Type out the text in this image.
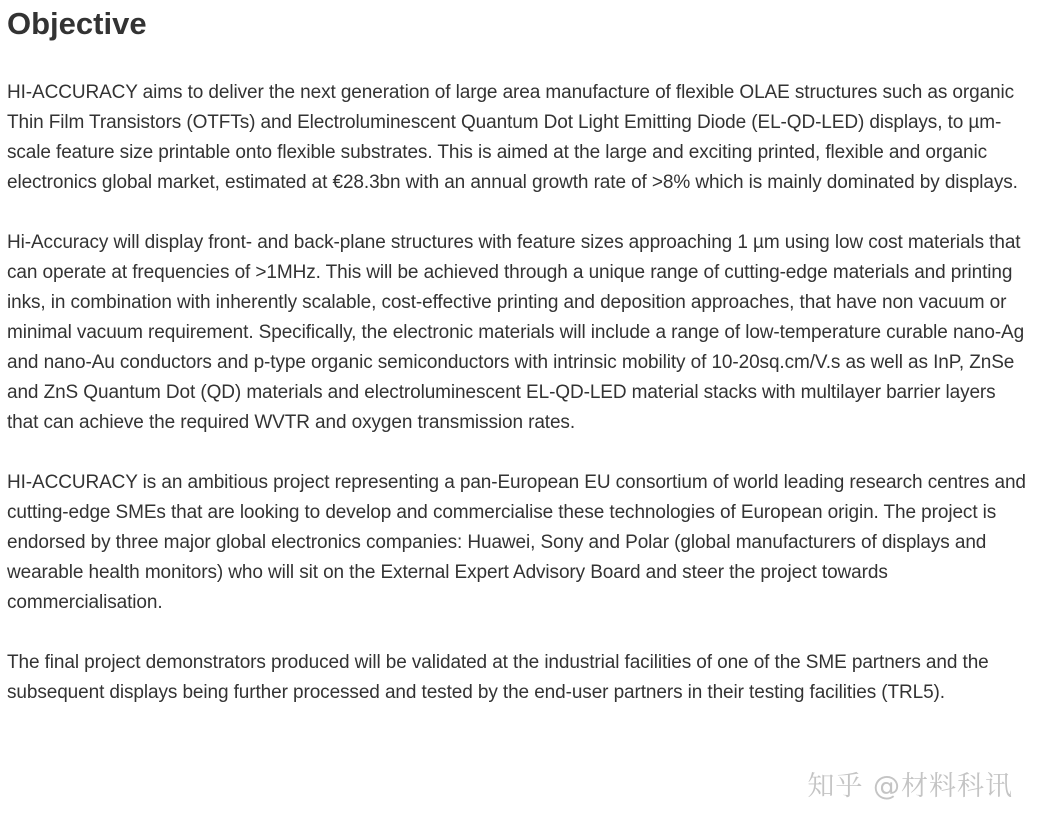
Objective

HI-ACCURACY aims to deliver the next generation of large area manufacture of flexible OLAE structures such as organic Thin Film Transistors (OTFTs) and Electroluminescent Quantum Dot Light Emitting Diode (EL-QD-LED) displays, to µm-scale feature size printable onto flexible substrates. This is aimed at the large and exciting printed, flexible and organic electronics global market, estimated at €28.3bn with an annual growth rate of >8% which is mainly dominated by displays.

Hi-Accuracy will display front- and back-plane structures with feature sizes approaching 1 µm using low cost materials that can operate at frequencies of >1MHz. This will be achieved through a unique range of cutting-edge materials and printing inks, in combination with inherently scalable, cost-effective printing and deposition approaches, that have non vacuum or minimal vacuum requirement. Specifically, the electronic materials will include a range of low-temperature curable nano-Ag and nano-Au conductors and p-type organic semiconductors with intrinsic mobility of 10-20sq.cm/V.s as well as InP, ZnSe and ZnS Quantum Dot (QD) materials and electroluminescent EL-QD-LED material stacks with multilayer barrier layers that can achieve the required WVTR and oxygen transmission rates.

HI-ACCURACY is an ambitious project representing a pan-European EU consortium of world leading research centres and cutting-edge SMEs that are looking to develop and commercialise these technologies of European origin. The project is endorsed by three major global electronics companies: Huawei, Sony and Polar (global manufacturers of displays and wearable health monitors) who will sit on the External Expert Advisory Board and steer the project towards commercialisation.

The final project demonstrators produced will be validated at the industrial facilities of one of the SME partners and the subsequent displays being further processed and tested by the end-user partners in their testing facilities (TRL5).

知乎 @材料科讯
